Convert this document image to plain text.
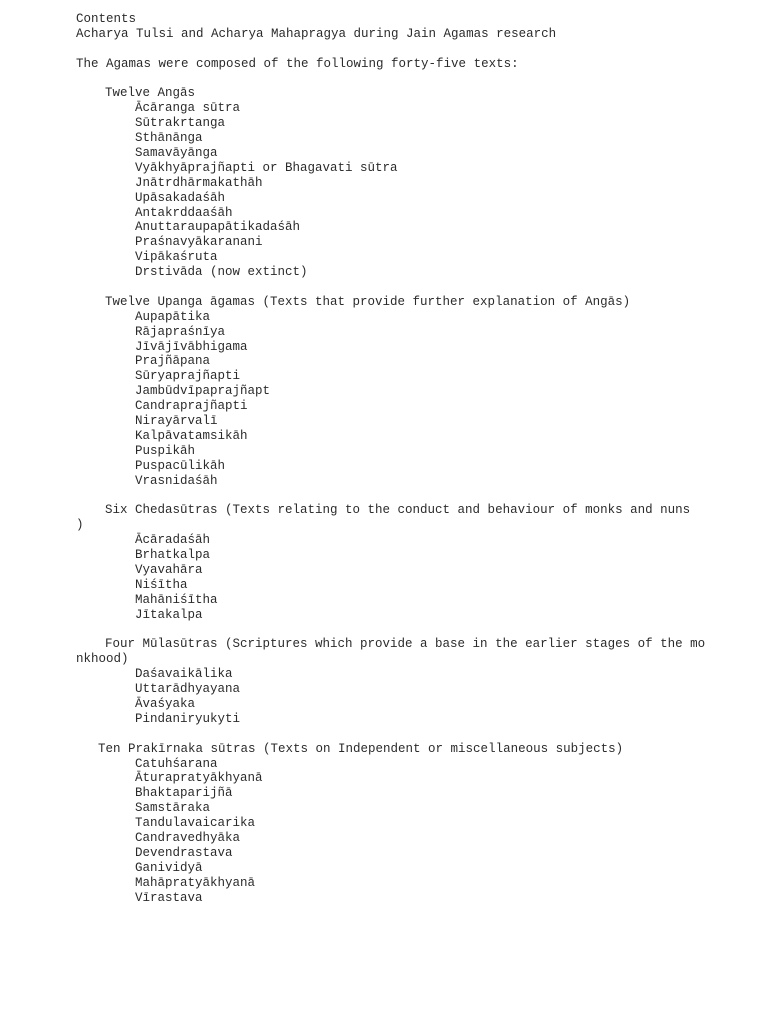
Contents
Acharya Tulsi and Acharya Mahapragya during Jain Agamas research
The Agamas were composed of the following forty-five texts:
Twelve Angās
Ācāranga sūtra
Sūtrakrtanga
Sthānānga
Samavāyānga
Vyākhyāprajñapti or Bhagavati sūtra
Jnātrdhārmakathāh
Upāsakadaśāh
Antakrddaaśāh
Anuttaraupapātikadaśāh
Praśnavyākaranani
Vipākaśruta
Drstivāda (now extinct)
Twelve Upanga āgamas (Texts that provide further explanation of Angās)
Aupapātika
Rājapraśnīya
Jīvājīvābhigama
Prajñāpana
Sūryaprajñapti
Jambūdvīpaprajñapt
Candraprajñapti
Nirayārvalī
Kalpāvatamsikāh
Puspikāh
Puspacūlikāh
Vrasnidaśāh
Six Chedasūtras (Texts relating to the conduct and behaviour of monks and nuns
)
Ācāradaśāh
Brhatkalpa
Vyavahāra
Niśītha
Mahāniśītha
Jītakalpa
Four Mūlasūtras (Scriptures which provide a base in the earlier stages of the mo
nkhood)
Daśavaikālika
Uttarādhyayana
Āvaśyaka
Pindaniryukyti
Ten Prakīrnaka sūtras (Texts on Independent or miscellaneous subjects)
Catuhśarana
Āturapratyākhyanā
Bhaktaparijñā
Samstāraka
Tandulavaicarika
Candravedhyāka
Devendrastava
Ganividyā
Mahāpratyākhyanā
Vīrastava
